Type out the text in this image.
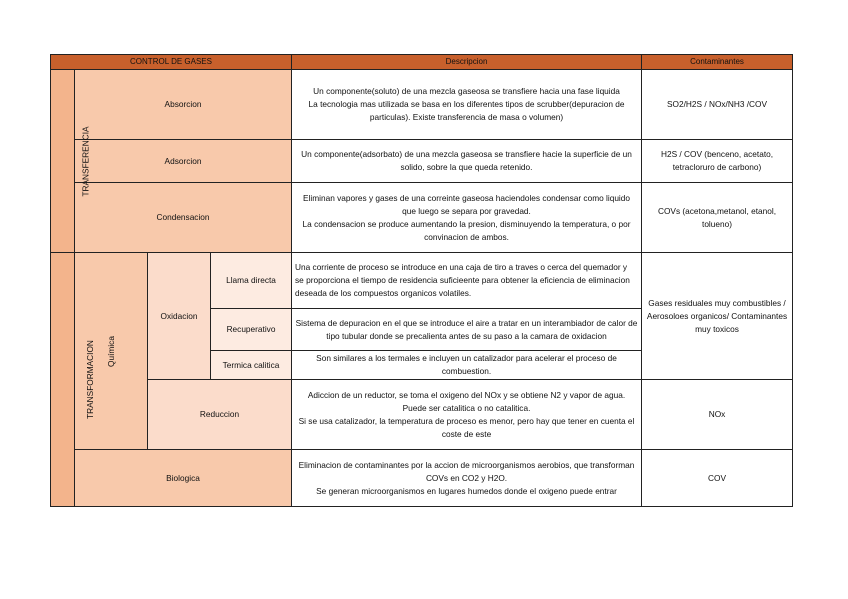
CONTROL DE GASES				Descripcion	Contaminantes
TRANSFERENCIA	Absorcion			Un componente(soluto) de una mezcla gaseosa se transfiere hacia una fase liquida
La tecnologia mas utilizada se basa en los diferentes tipos de scrubber(depuracion de particulas). Existe transferencia de masa o volumen)	SO2/H2S / NOx/NH3 /COV
	Adsorcion			Un componente(adsorbato) de una mezcla gaseosa se transfiere hacie la superficie de un solido, sobre la que queda retenido.	H2S / COV (benceno, acetato, tetracloruro de carbono)
	Condensacion			Eliminan vapores y gases de una correinte gaseosa haciendoles condensar como liquido que luego se separa por gravedad.
La condensacion se produce aumentando la presion, disminuyendo la temperatura, o por convinacion de ambos.	COVs (acetona,metanol, etanol, tolueno)
TRANSFORMACION	Química	Oxidacion	Llama directa	Una corriente de proceso se introduce en una caja de tiro a traves o cerca del quemador y se proporciona el tiempo de residencia suficieente para obtener la eficiencia de eliminacion deseada de los compuestos organicos volatiles.	Gases residuales muy combustibles / Aerosoloes organicos/ Contaminantes muy toxicos
			Recuperativo	Sistema de depuracion en el que se introduce el aire a tratar en un interambiador de calor de tipo tubular donde se precalienta antes de su paso a la camara de oxidacion	

			Termica calitica	Son similares a los termales e incluyen un catalizador para acelerar el proceso de combuestion.	

		Reduccion		Adiccion de un reductor, se toma el oxigeno del NOx y se obtiene N2 y vapor de agua.
Puede ser catalitica o no catalitica.
Si se usa catalizador, la temperatura de proceso es menor, pero hay que tener en cuenta el coste de este	NOx
	Biologica			Eliminacion de contaminantes por la accion de microorganismos aerobios, que transforman COVs en CO2 y H2O.
Se generan microorganismos en lugares humedos donde el oxigeno puede entrar	COV
